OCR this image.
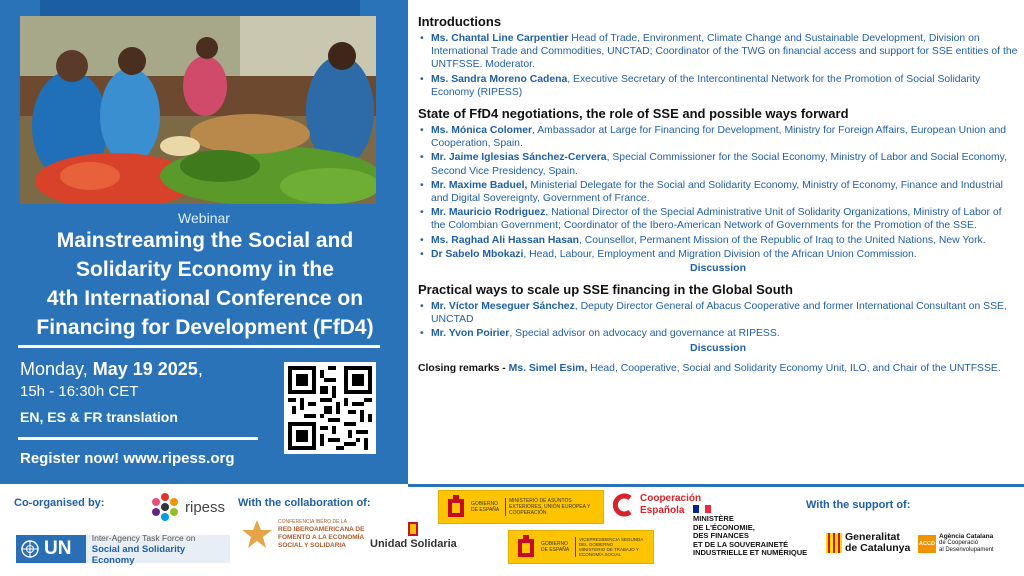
Webinar
Mainstreaming the Social and
Solidarity Economy in the
4th International Conference on
Financing for Development (FfD4)
Monday, May 19 2025,
15h - 16:30h CET
EN, ES & FR translation
Register now! www.ripess.org
Introductions
• Ms. Chantal Line Carpentier Head of Trade, Environment, Climate Change and Sustainable Development, Division on International Trade and Commodities, UNCTAD; Coordinator of the TWG on financial access and support for SSE entities of the UNTFSSE. Moderator.
• Ms. Sandra Moreno Cadena, Executive Secretary of the Intercontinental Network for the Promotion of Social Solidarity Economy (RIPESS)
State of FfD4 negotiations, the role of SSE and possible ways forward
• Ms. Mónica Colomer, Ambassador at Large for Financing for Development, Ministry for Foreign Affairs, European Union and Cooperation, Spain.
• Mr. Jaime Iglesias Sánchez-Cervera, Special Commissioner for the Social Economy, Ministry of Labor and Social Economy, Second Vice Presidency, Spain.
• Mr. Maxime Baduel, Ministerial Delegate for the Social and Solidarity Economy, Ministry of Economy, Finance and Industrial and Digital Sovereignty, Government of France.
• Mr. Mauricio Rodriguez, National Director of the Special Administrative Unit of Solidarity Organizations, Ministry of Labor of the Colombian Government; Coordinator of the Ibero-American Network of Governments for the Promotion of the SSE.
• Ms. Raghad Ali Hassan Hasan, Counsellor, Permanent Mission of the Republic of Iraq to the United Nations, New York.
• Dr Sabelo Mbokazi, Head, Labour, Employment and Migration Division of the African Union Commission.
Discussion
Practical ways to scale up SSE financing in the Global South
• Mr. Víctor Meseguer Sánchez, Deputy Director General of Abacus Cooperative and former International Consultant on SSE, UNCTAD
• Mr. Yvon Poirier, Special advisor on advocacy and governance at RIPESS.
Discussion
Closing remarks - Ms. Simel Esim, Head, Cooperative, Social and Solidarity Economy Unit, ILO, and Chair of the UNTFSSE.
Co-organised by:	With the collaboration of:	With the support of:
ripess
UN
Inter-Agency Task Force on
Social and Solidarity Economy
CONFERENCIA IBERO DE LA
RED IBEROAMERICANA DE
FOMENTO A LA ECONOMÍA
SOCIAL Y SOLIDARIA	Unidad Solidaria
GOBIERNO DE ESPAÑA
MINISTERIO DE ASUNTOS EXTERIORES, UNIÓN EUROPEA Y COOPERACIÓN
Cooperación
Española
GOBIERNO DE ESPAÑA
VICEPRESIDENCIA SEGUNDA DEL GOBIERNO
MINISTERIO DE TRABAJO Y ECONOMÍA SOCIAL
MINISTÈRE
DE L'ÉCONOMIE,
DES FINANCES
ET DE LA SOUVERAINETÉ
INDUSTRIELLE ET NUMÉRIQUE
Generalitat
de Catalunya ACCD
Agència Catalana
de Cooperació
al Desenvolupament
